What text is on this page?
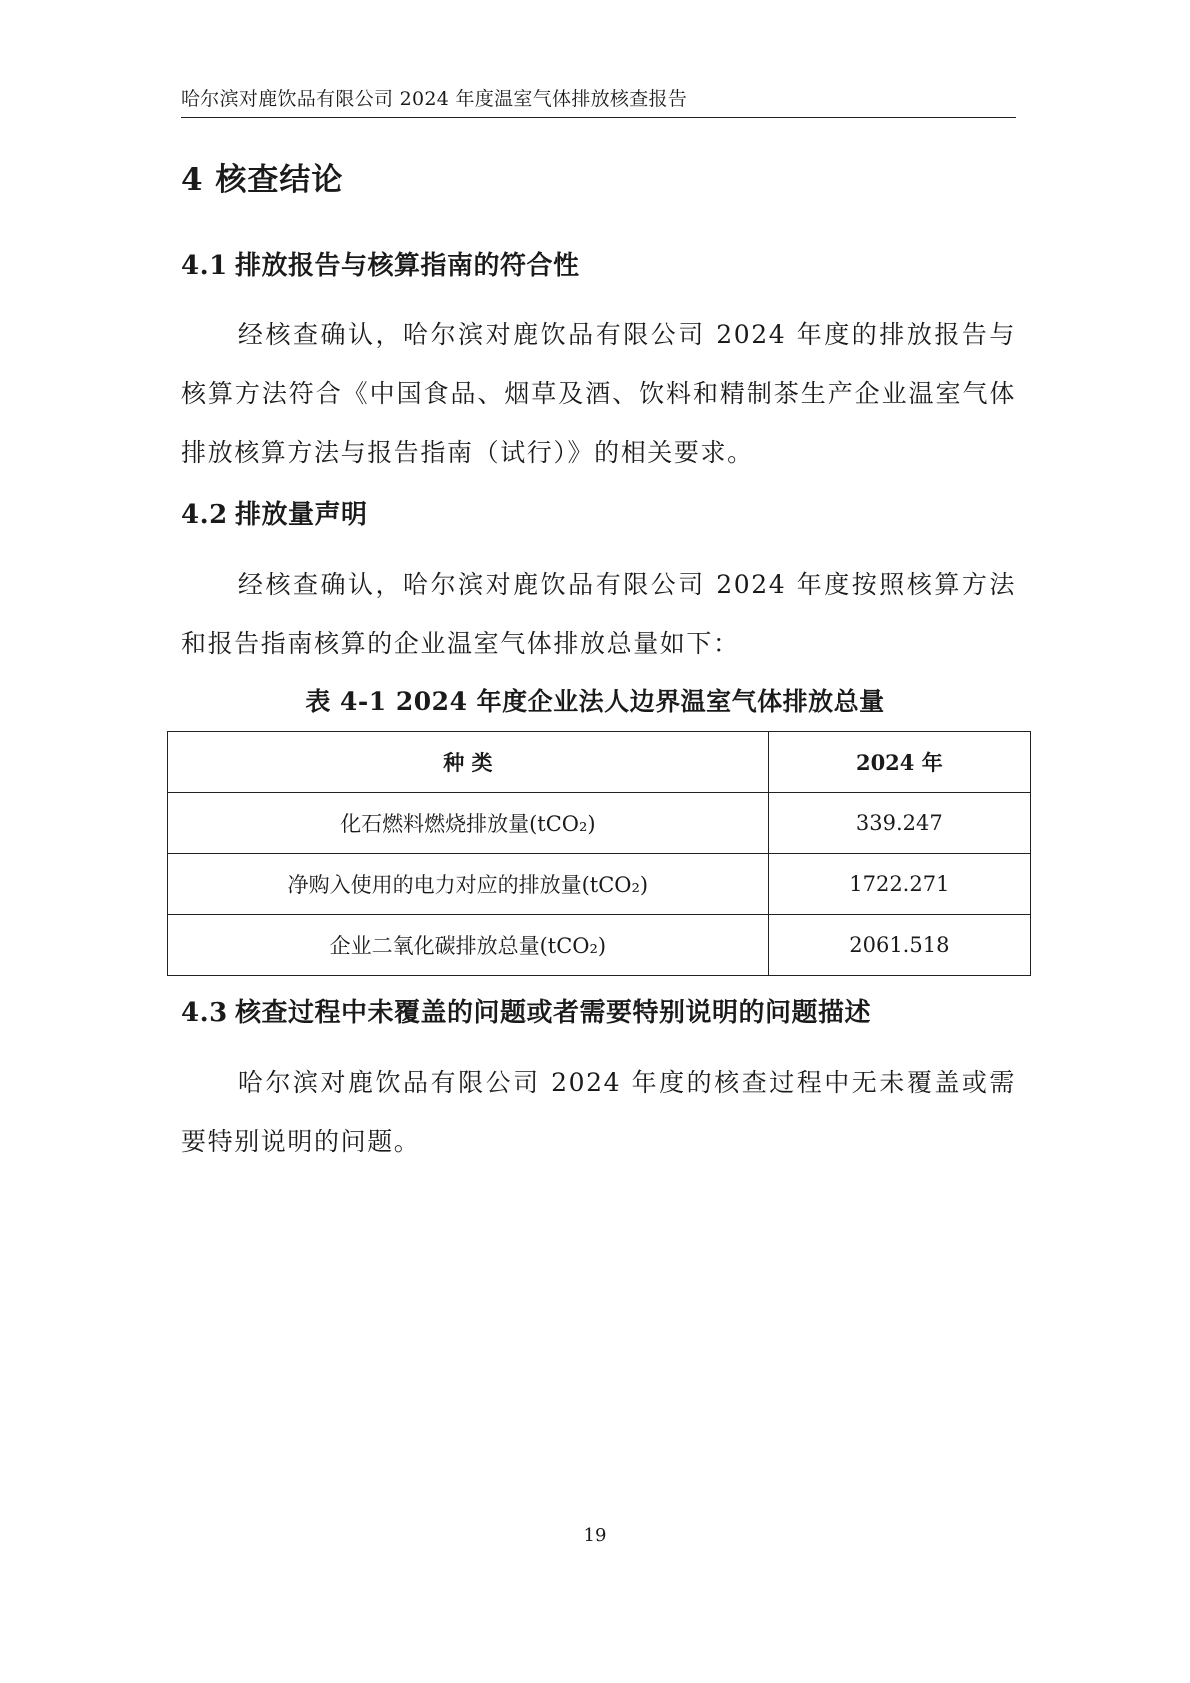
哈尔滨对鹿饮品有限公司 2024 年度温室气体排放核查报告
4 核查结论
4.1 排放报告与核算指南的符合性

经核查确认，哈尔滨对鹿饮品有限公司 2024 年度的排放报告与核算方法符合《中国食品、烟草及酒、饮料和精制茶生产企业温室气体排放核算方法与报告指南（试行）》的相关要求。

4.2 排放量声明

经核查确认，哈尔滨对鹿饮品有限公司 2024 年度按照核算方法和报告指南核算的企业温室气体排放总量如下：

表 4-1 2024 年度企业法人边界温室气体排放总量
种 类	2024 年
化石燃料燃烧排放量(tCO₂)	339.247
净购入使用的电力对应的排放量(tCO₂)	1722.271
企业二氧化碳排放总量(tCO₂)	2061.518
4.3 核查过程中未覆盖的问题或者需要特别说明的问题描述

哈尔滨对鹿饮品有限公司 2024 年度的核查过程中无未覆盖或需要特别说明的问题。

19
